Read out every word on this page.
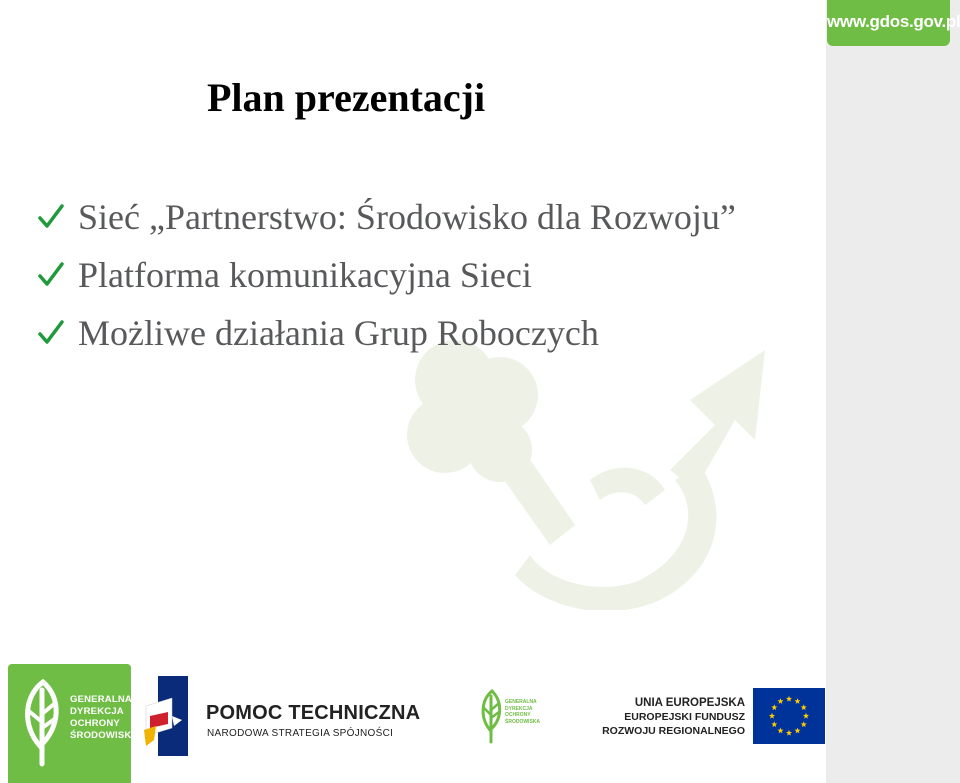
www.gdos.gov.pl
Plan prezentacji
Sieć „Partnerstwo: Środowisko dla Rozwoju”
Platforma komunikacyjna Sieci
Możliwe działania Grup Roboczych
GENERALNA
DYREKCJA
OCHRONY
ŚRODOWISKA
POMOC TECHNICZNA
NARODOWA STRATEGIA SPÓJNOŚCI
GENERALNA
DYREKCJA
OCHRONY
ŚRODOWISKA
UNIA EUROPEJSKA
EUROPEJSKI FUNDUSZ
ROZWOJU REGIONALNEGO
